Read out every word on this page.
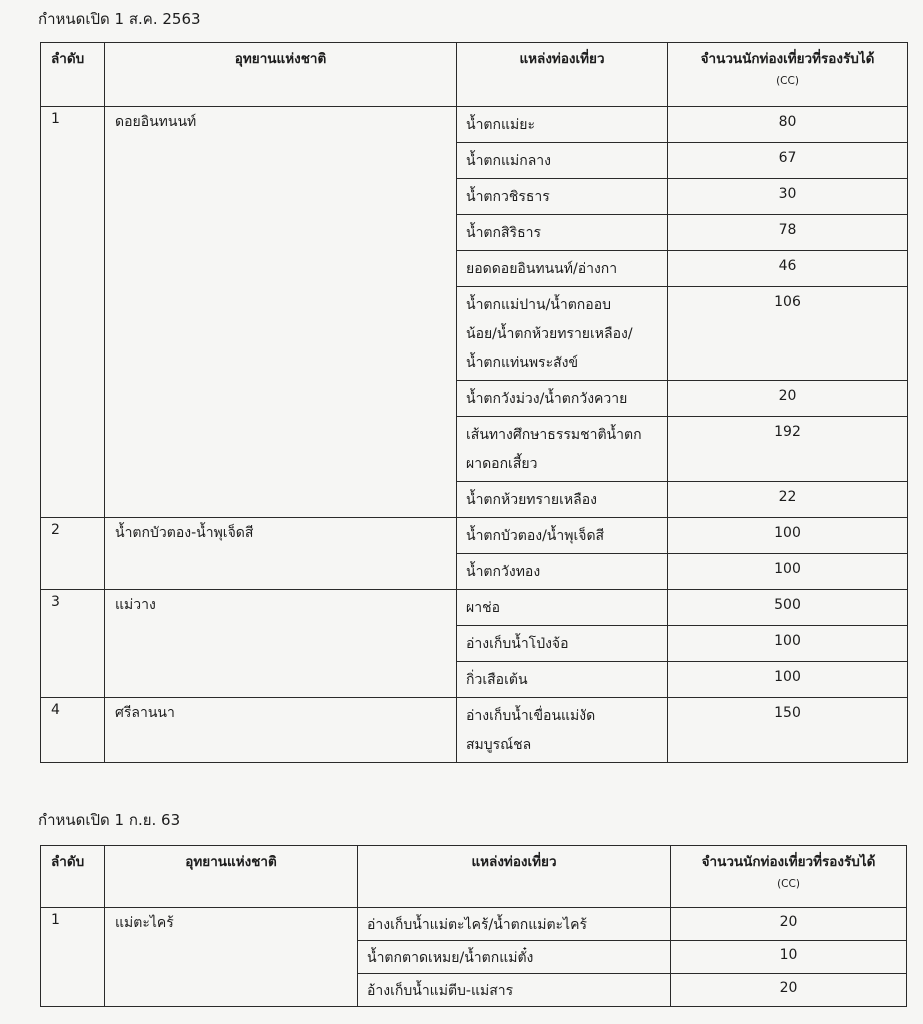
กำหนดเปิด 1 ส.ค. 2563
ลำดับ	อุทยานแห่งชาติ	แหล่งท่องเที่ยว	จำนวนนักท่องเที่ยวที่รองรับได้
(CC)

1	ดอยอินทนนท์	น้ำตกแม่ยะ	80

		น้ำตกแม่กลาง	67

		น้ำตกวชิรธาร	30

		น้ำตกสิริธาร	78

		ยอดดอยอินทนนท์/อ่างกา	46

		น้ำตกแม่ปาน/น้ำตกออบ
น้อย/น้ำตกห้วยทรายเหลือง/
น้ำตกแท่นพระสังข์	106

		น้ำตกวังม่วง/น้ำตกวังควาย	20

		เส้นทางศึกษาธรรมชาติน้ำตก
ผาดอกเสี้ยว	192

		น้ำตกห้วยทรายเหลือง	22
2	น้ำตกบัวตอง-น้ำพุเจ็ดสี	น้ำตกบัวตอง/น้ำพุเจ็ดสี	100

		น้ำตกวังทอง	100
3	แม่วาง	ผาช่อ	500

		อ่างเก็บน้ำโป่งจ้อ	100

		กิ่วเสือเต้น	100
4	ศรีลานนา	อ่างเก็บน้ำเขื่อนแม่งัด
สมบูรณ์ชล	150
กำหนดเปิด 1 ก.ย. 63
ลำดับ	อุทยานแห่งชาติ	แหล่งท่องเที่ยว	จำนวนนักท่องเที่ยวที่รองรับได้
(CC)

1	แม่ตะไคร้	อ่างเก็บน้ำแม่ตะไคร้/น้ำตกแม่ตะไคร้	20

		น้ำตกตาดเหมย/น้ำตกแม่ตั๋ง	10

		อ้างเก็บน้ำแม่ตีบ-แม่สาร	20
